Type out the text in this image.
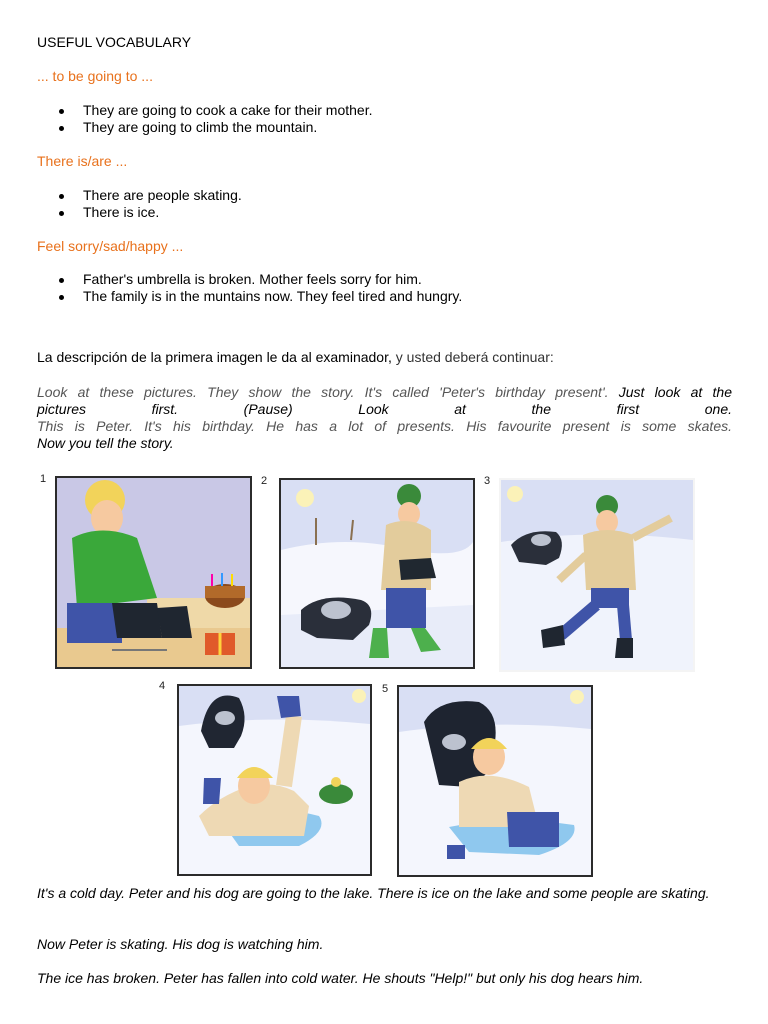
USEFUL VOCABULARY
... to be going to ...
They are going to cook a cake for their mother.
They are going to climb the mountain.
There is/are ...
There are people skating.
There is ice.
Feel sorry/sad/happy ...
Father's umbrella is broken. Mother feels sorry for him.
The family is in the muntains now. They feel tired and hungry.
La descripción de la primera imagen le da al examinador, y usted deberá continuar:

Look at these pictures. They show the story. It's called 'Peter's birthday present'. Just look at the

pictures first. (Pause) Look at the first one.

This is Peter. It's his birthday. He has a lot of presents. His favourite present is some skates.

Now you tell the story.

1	2	3
4	5
It's a cold day. Peter and his dog are going to the lake. There is ice on the lake and some people are skating.
Now Peter is skating. His dog is watching him.
The ice has broken. Peter has fallen into cold water. He shouts "Help!" but only his dog hears him.
